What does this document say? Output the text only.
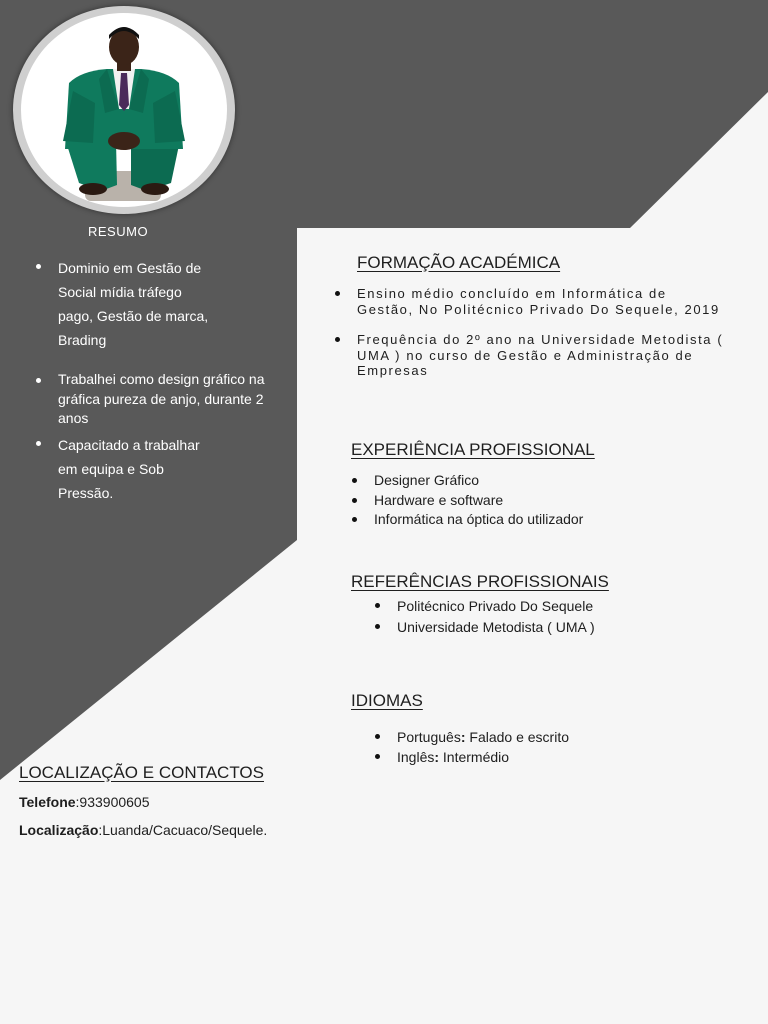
RESUMO
Dominio em Gestão de Social mídia tráfego pago, Gestão de marca, Brading
Trabalhei como design gráfico na gráfica pureza de anjo, durante 2 anos
Capacitado a trabalhar em equipa e Sob Pressão.
FORMAÇÃO ACADÉMICA
Ensino médio concluído em Informática de Gestão, No Politécnico Privado Do Sequele, 2019
Frequência do 2º ano na Universidade Metodista ( UMA ) no curso de Gestão e Administração de Empresas
EXPERIÊNCIA PROFISSIONAL
Designer Gráfico
Hardware e software
Informática na óptica do utilizador
REFERÊNCIAS PROFISSIONAIS
Politécnico Privado Do Sequele
Universidade Metodista ( UMA )
IDIOMAS
Português: Falado e escrito
Inglês: Intermédio
LOCALIZAÇÃO E CONTACTOS
Telefone:933900605
Localização:Luanda/Cacuaco/Sequele.
